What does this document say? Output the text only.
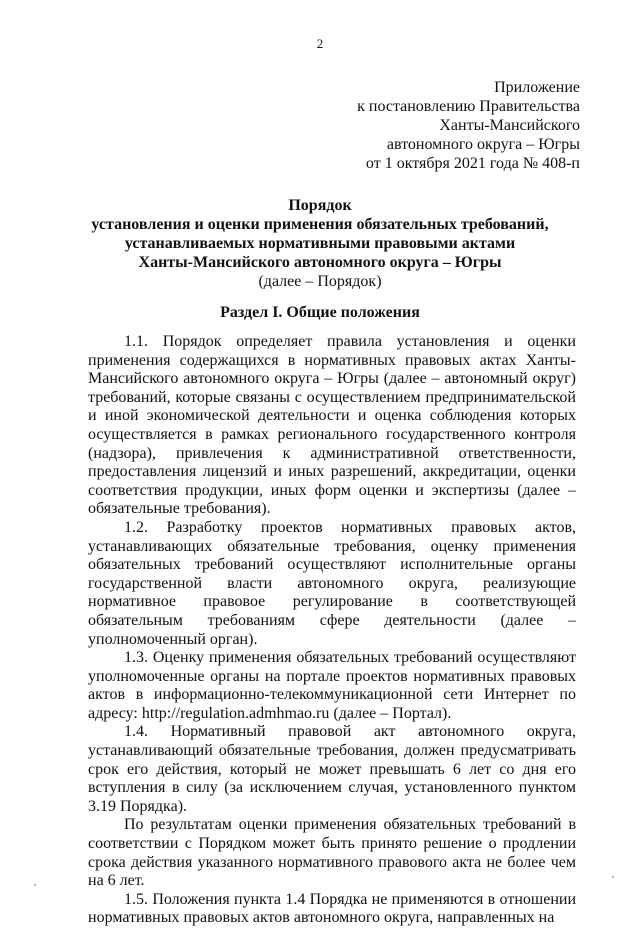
2
Приложение
к постановлению Правительства
Ханты-Мансийского
автономного округа – Югры
от 1 октября 2021 года № 408-п
Порядок
установления и оценки применения обязательных требований,
устанавливаемых нормативными правовыми актами
Ханты-Мансийского автономного округа – Югры
(далее – Порядок)
Раздел I. Общие положения

1.1. Порядок определяет правила установления и оценки применения содержащихся в нормативных правовых актах Ханты-Мансийского автономного округа – Югры (далее – автономный округ) требований, которые связаны с осуществлением предпринимательской и иной экономической деятельности и оценка соблюдения которых осуществляется в рамках регионального государственного контроля (надзора), привлечения к административной ответственности, предоставления лицензий и иных разрешений, аккредитации, оценки соответствия продукции, иных форм оценки и экспертизы (далее – обязательные требования).

1.2. Разработку проектов нормативных правовых актов, устанавливающих обязательные требования, оценку применения обязательных требований осуществляют исполнительные органы государственной власти автономного округа, реализующие нормативное правовое регулирование в соответствующей обязательным требованиям сфере деятельности (далее – уполномоченный орган).

1.3. Оценку применения обязательных требований осуществляют уполномоченные органы на портале проектов нормативных правовых актов в информационно-телекоммуникационной сети Интернет по адресу: http://regulation.admhmao.ru (далее – Портал).

1.4. Нормативный правовой акт автономного округа, устанавливающий обязательные требования, должен предусматривать срок его действия, который не может превышать 6 лет со дня его вступления в силу (за исключением случая, установленного пунктом 3.19 Порядка).

По результатам оценки применения обязательных требований в соответствии с Порядком может быть принято решение о продлении срока действия указанного нормативного правового акта не более чем на 6 лет.

1.5. Положения пункта 1.4 Порядка не применяются в отношении нормативных правовых актов автономного округа, направленных на
